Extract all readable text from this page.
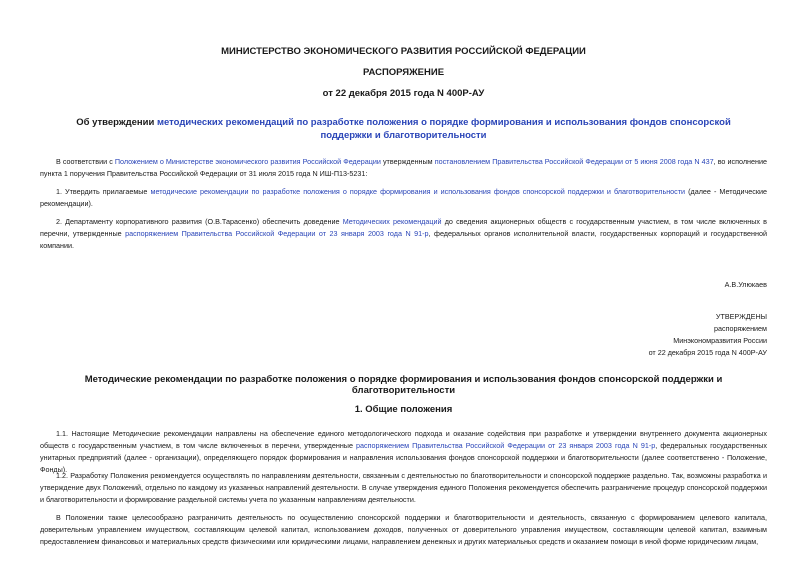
МИНИСТЕРСТВО ЭКОНОМИЧЕСКОГО РАЗВИТИЯ РОССИЙСКОЙ ФЕДЕРАЦИИ
РАСПОРЯЖЕНИЕ
от 22 декабря 2015 года N 400Р-АУ
Об утверждении методических рекомендаций по разработке положения о порядке формирования и использования фондов спонсорской поддержки и благотворительности

В соответствии с Положением о Министерстве экономического развития Российской Федерации утвержденным постановлением Правительства Российской Федерации от 5 июня 2008 года N 437, во исполнение пункта 1 поручения Правительства Российской Федерации от 31 июля 2015 года N ИШ-П13-5231:

1. Утвердить прилагаемые методические рекомендации по разработке положения о порядке формирования и использования фондов спонсорской поддержки и благотворительности (далее - Методические рекомендации).

2. Департаменту корпоративного развития (О.В.Тарасенко) обеспечить доведение Методических рекомендаций до сведения акционерных обществ с государственным участием, в том числе включенных в перечни, утвержденные распоряжением Правительства Российской Федерации от 23 января 2003 года N 91-р, федеральных органов исполнительной власти, государственных корпораций и государственной компании.

А.В.Улюкаев
УТВЕРЖДЕНЫ
распоряжением
Минэкономразвития России
от 22 декабря 2015 года N 400Р-АУ
Методические рекомендации по разработке положения о порядке формирования и использования фондов спонсорской поддержки и благотворительности
1. Общие положения

1.1. Настоящие Методические рекомендации направлены на обеспечение единого методологического подхода и оказание содействия при разработке и утверждении внутреннего документа акционерных обществ с государственным участием, в том числе включенных в перечни, утвержденные распоряжением Правительства Российской Федерации от 23 января 2003 года N 91-р, федеральных государственных унитарных предприятий (далее - организации), определяющего порядок формирования и направления использования фондов спонсорской поддержки и благотворительности (далее соответственно - Положение, Фонды).

1.2. Разработку Положения рекомендуется осуществлять по направлениям деятельности, связанным с деятельностью по благотворительности и спонсорской поддержке раздельно. Так, возможны разработка и утверждение двух Положений, отдельно по каждому из указанных направлений деятельности. В случае утверждения единого Положения рекомендуется обеспечить разграничение процедур спонсорской поддержки и благотворительности и формирование раздельной системы учета по указанным направлениям деятельности.

В Положении также целесообразно разграничить деятельность по осуществлению спонсорской поддержки и благотворительности и деятельность, связанную с формированием целевого капитала, доверительным управлением имуществом, составляющим целевой капитал, использованием доходов, полученных от доверительного управления имуществом, составляющим целевой капитал, взаимным предоставлением финансовых и материальных средств физическими или юридическими лицами, направлением денежных и других материальных средств и оказанием помощи в иной форме юридическим лицам,
